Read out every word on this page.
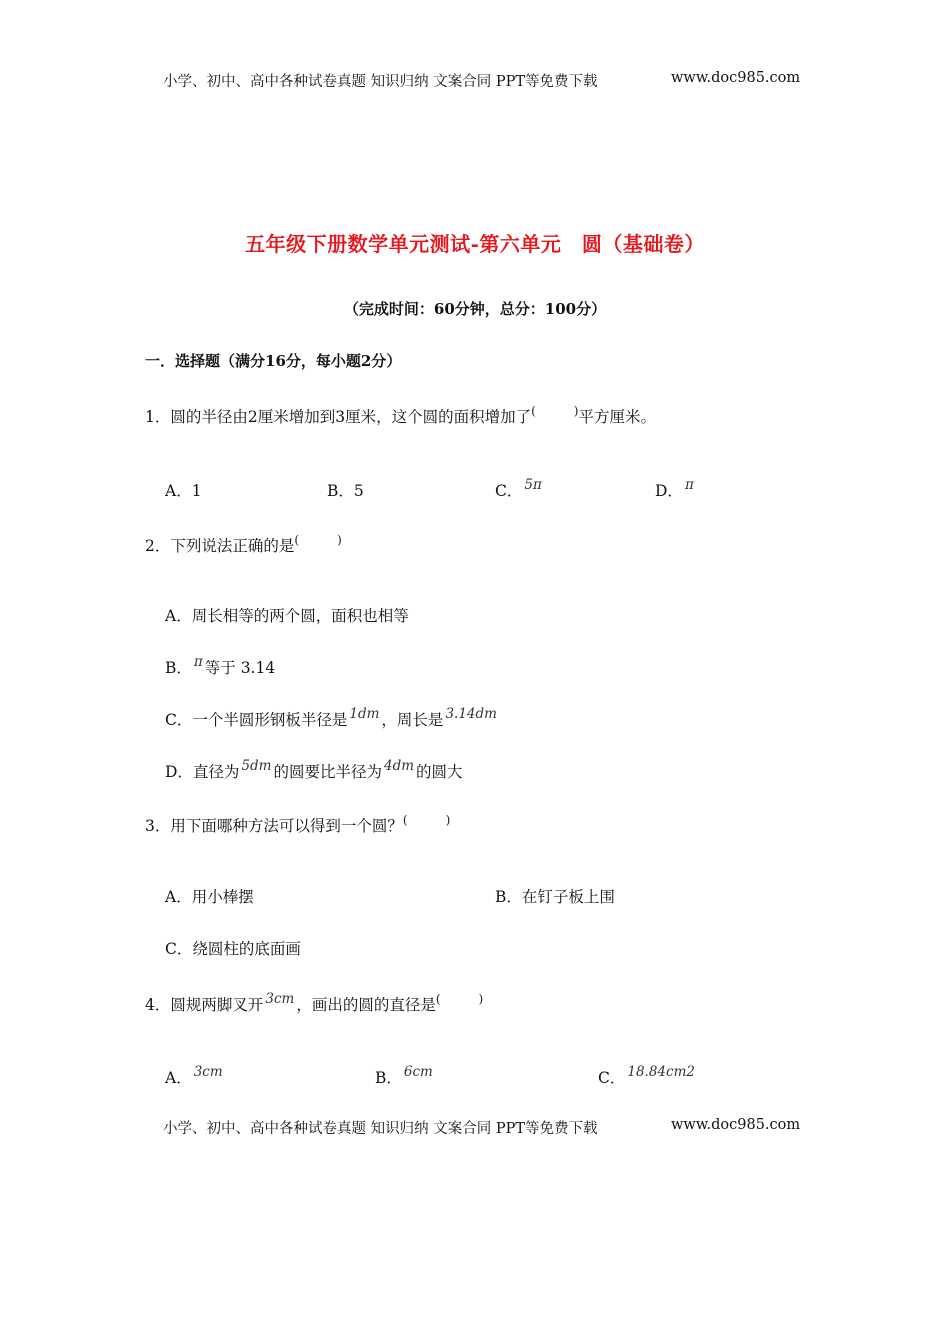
小学、初中、高中各种试卷真题 知识归纳 文案合同 PPT等免费下载	www.doc985.com
五年级下册数学单元测试-第六单元　圆（基础卷）
（完成时间：60分钟，总分：100分）
一．选择题（满分16分，每小题2分）
1．圆的半径由2厘米增加到3厘米，这个圆的面积增加了(	)平方厘米。
A．1	B．5	C． 5π	D． π
2．下列说法正确的是(	)
A．周长相等的两个圆，面积也相等
B． π 等于 3.14
C．一个半圆形钢板半径是 1dm ，周长是 3.14dm
D．直径为 5dm 的圆要比半径为 4dm 的圆大
3．用下面哪种方法可以得到一个圆？(	)
A．用小棒摆	B．在钉子板上围
C．绕圆柱的底面画
4．圆规两脚叉开 3cm ，画出的圆的直径是(	)
A． 3cm	B． 6cm	C． 18.84cm2
小学、初中、高中各种试卷真题 知识归纳 文案合同 PPT等免费下载	www.doc985.com
